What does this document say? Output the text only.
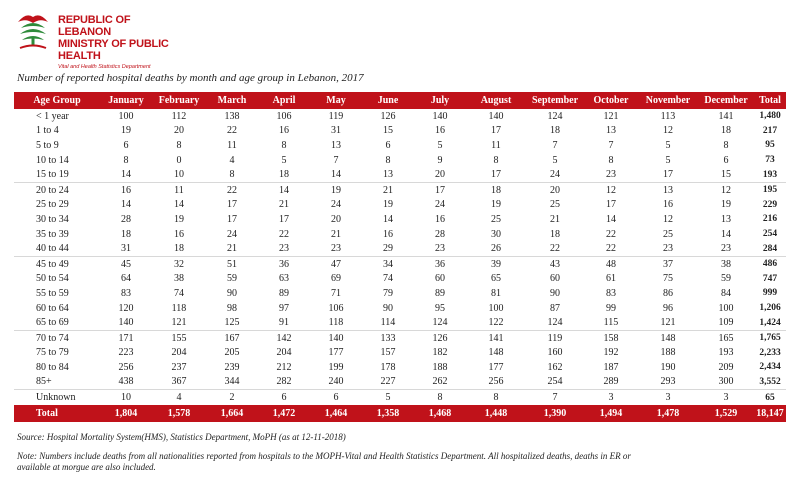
REPUBLIC OF LEBANON
MINISTRY OF PUBLIC HEALTH
Vital and Health Statistics Department
Number of reported hospital deaths by month and age group in Lebanon, 2017
Age Group	January	February	March	April	May	June	July	August	September	October	November	December	Total
< 1 year	100	112	138	106	119	126	140	140	124	121	113	141	1,480
1 to 4	19	20	22	16	31	15	16	17	18	13	12	18	217
5 to 9	6	8	11	8	13	6	5	11	7	7	5	8	95
10 to 14	8	0	4	5	7	8	9	8	5	8	5	6	73
15 to 19	14	10	8	18	14	13	20	17	24	23	17	15	193
20 to 24	16	11	22	14	19	21	17	18	20	12	13	12	195
25 to 29	14	14	17	21	24	19	24	19	25	17	16	19	229
30 to 34	28	19	17	17	20	14	16	25	21	14	12	13	216
35 to 39	18	16	24	22	21	16	28	30	18	22	25	14	254
40 to 44	31	18	21	23	23	29	23	26	22	22	23	23	284
45 to 49	45	32	51	36	47	34	36	39	43	48	37	38	486
50 to 54	64	38	59	63	69	74	60	65	60	61	75	59	747
55 to 59	83	74	90	89	71	79	89	81	90	83	86	84	999
60 to 64	120	118	98	97	106	90	95	100	87	99	96	100	1,206
65 to 69	140	121	125	91	118	114	124	122	124	115	121	109	1,424
70 to 74	171	155	167	142	140	133	126	141	119	158	148	165	1,765
75 to 79	223	204	205	204	177	157	182	148	160	192	188	193	2,233
80 to 84	256	237	239	212	199	178	188	177	162	187	190	209	2,434
85+	438	367	344	282	240	227	262	256	254	289	293	300	3,552
Unknown	10	4	2	6	6	5	8	8	7	3	3	3	65
Total	1,804	1,578	1,664	1,472	1,464	1,358	1,468	1,448	1,390	1,494	1,478	1,529	18,147
Source: Hospital Mortality System(HMS), Statistics Department, MoPH (as at 12-11-2018)
Note: Numbers include deaths from all nationalities reported from hospitals to the MOPH-Vital and Health Statistics Department. All hospitalized deaths, deaths in ER or available at morgue are also included.
